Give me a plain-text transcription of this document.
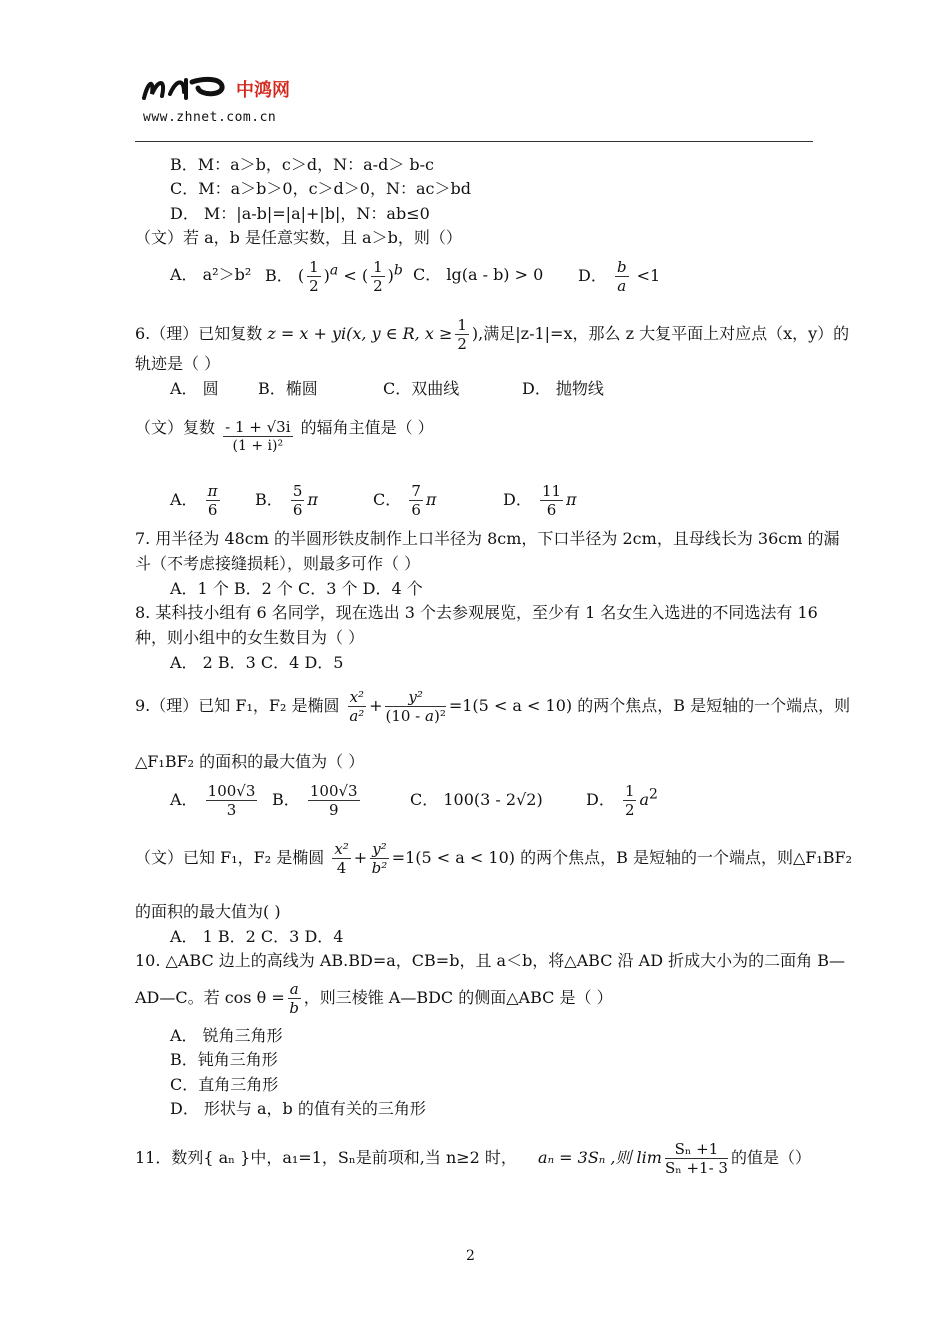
中鸿网
www.zhnet.com.cn
B．M：a＞b，c＞d，N：a-d＞ b-c
C．M：a＞b＞0，c＞d＞0，N：ac＞bd
D． M：|a-b|=|a|+|b|，N：ab≤0
（文）若 a，b 是任意实数，且 a＞b，则（）
A． a²＞b² B． ( $\frac{1}{2} )^a$ < ( $\frac{1}{2} )^b$ C． lg(a - b) > 0 D． $\frac{b}{a} <1$
6.（理）已知复数 z = x + yi(x, y ∈ R, $x \ge \frac{1}{2}$ ),满足|z-1|=x，那么 z 大复平面上对应点（x，y）的
轨迹是（ ）
A． 圆 B．椭圆	C．双曲线	D． 抛物线
（文）复数 $\frac{- 1 + √3i}{\text{(1 + i)²}}$ 的辐角主值是（ ）
A． $\frac{\pi}{6}$ B． $\frac{5}{6}$ π	C． $\frac{7}{6}$ π	D． $\frac{11}{6}$ π
7. 用半径为 48cm 的半圆形铁皮制作上口半径为 8cm，下口半径为 2cm，且母线长为 36cm 的漏
斗（不考虑接缝损耗），则最多可作（ ）
A．1 个 B．2 个 C．3 个 D．4 个
8. 某科技小组有 6 名同学，现在选出 3 个去参观展览，至少有 1 名女生入选进的不同选法有 16
种，则小组中的女生数目为（ ）
A． 2 B．3 C．4 D．5
9.（理）已知 F₁，F₂ 是椭圆 $\frac{\text{x²}}{\text{a²}} + \frac{\text{y²}}{\text{(10 - a)²}} =1(5 < a < 10)$ 的两个焦点，B 是短轴的一个端点，则
△F₁BF₂ 的面积的最大值为（ ）
A． $\frac{100√3}{3}$ B． $\frac{100√3}{9}$	C． 100(3 - 2√2)	D． $\frac{1}{2} a^2$
（文）已知 F₁，F₂ 是椭圆 $\frac{\text{x²}}{4} + \frac{\text{y²}}{\text{b²}} =1(5 < a < 10)$ 的两个焦点，B 是短轴的一个端点，则△F₁BF₂
的面积的最大值为( )
A． 1 B．2 C．3 D．4
10. △ABC 边上的高线为 AB.BD=a，CB=b，且 a＜b，将△ABC 沿 AD 折成大小为的二面角 B—
AD—C。若 $\cos \theta = \frac{a}{b}$ ，则三棱锥 A—BDC 的侧面△ABC 是（ ）
A． 锐角三角形
B．钝角三角形
C．直角三角形
D． 形状与 a，b 的值有关的三角形
11．数列{ aₙ }中，a₁=1，Sₙ是前项和,当 n≥2 时， aₙ = 3Sₙ ,则 $\lim \frac{\text{Sₙ +1}}{\text{Sₙ +1- 3}}$ 的值是（）
2
